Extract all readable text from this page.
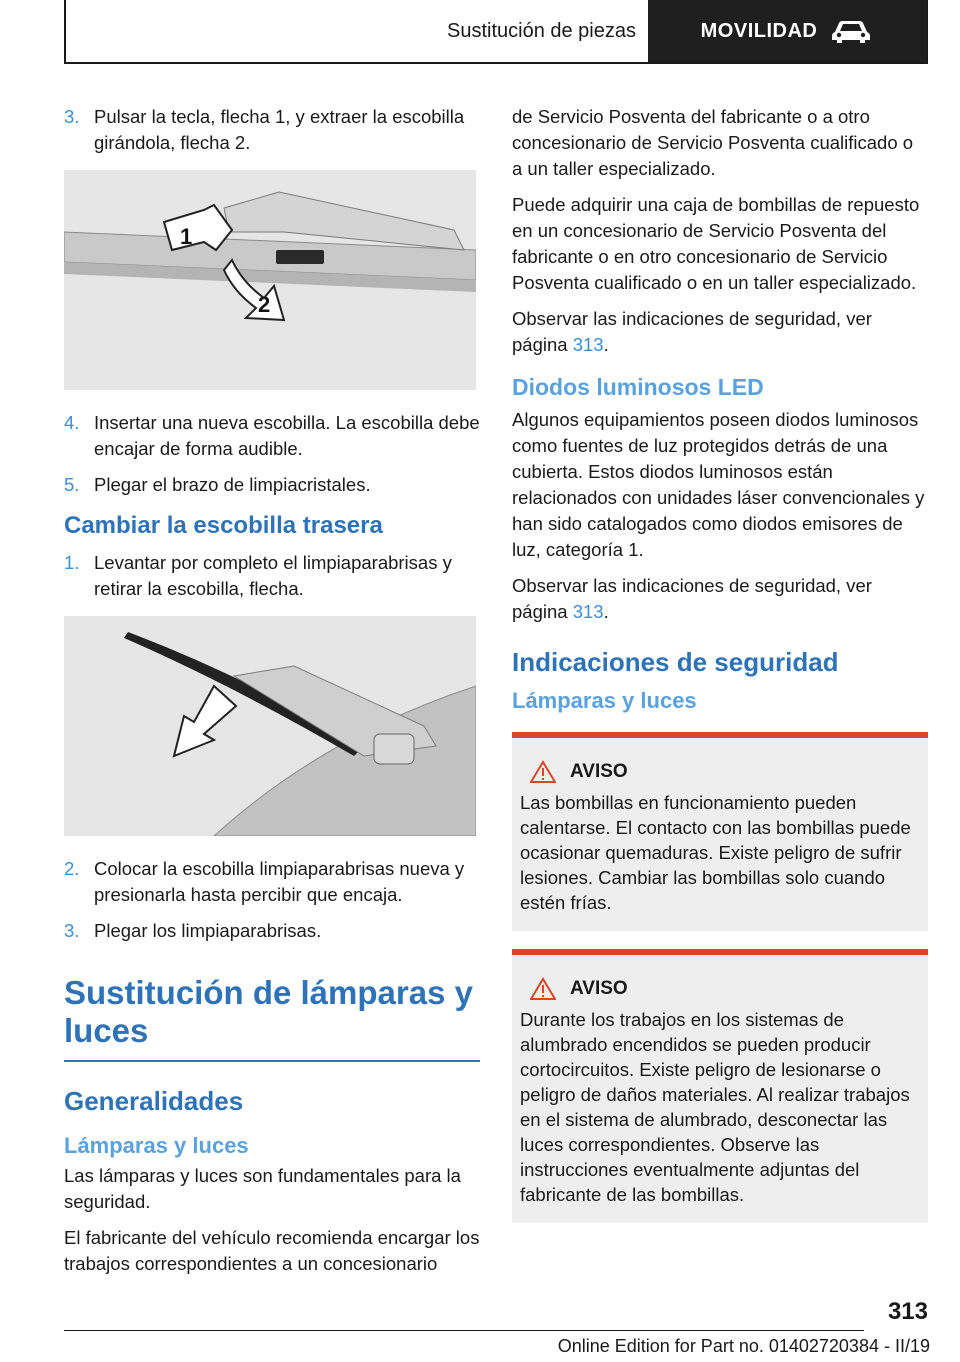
Sustitución de piezas	MOVILIDAD
3. Pulsar la tecla, flecha 1, y extraer la escobilla girándola, flecha 2.
1
2
4. Insertar una nueva escobilla. La escobilla debe encajar de forma audible.
5. Plegar el brazo de limpiacristales.
Cambiar la escobilla trasera
1. Levantar por completo el limpiaparabrisas y retirar la escobilla, flecha.
2. Colocar la escobilla limpiaparabrisas nueva y presionarla hasta percibir que encaja.
3. Plegar los limpiaparabrisas.
Sustitución de lámparas y luces
Generalidades
Lámparas y luces

Las lámparas y luces son fundamentales para la seguridad.

El fabricante del vehículo recomienda encargar los trabajos correspondientes a un concesionario

de Servicio Posventa del fabricante o a otro concesionario de Servicio Posventa cualificado o a un taller especializado.

Puede adquirir una caja de bombillas de repuesto en un concesionario de Servicio Posventa del fabricante o en otro concesionario de Servicio Posventa cualificado o en un taller especializado.

Observar las indicaciones de seguridad, ver página 313.

Diodos luminosos LED

Algunos equipamientos poseen diodos luminosos como fuentes de luz protegidos detrás de una cubierta. Estos diodos luminosos están relacionados con unidades láser convencionales y han sido catalogados como diodos emisores de luz, categoría 1.

Observar las indicaciones de seguridad, ver página 313.

Indicaciones de seguridad
Lámparas y luces
AVISO
Las bombillas en funcionamiento pueden calentarse. El contacto con las bombillas puede ocasionar quemaduras. Existe peligro de sufrir lesiones. Cambiar las bombillas solo cuando estén frías.
AVISO
Durante los trabajos en los sistemas de alumbrado encendidos se pueden producir cortocircuitos. Existe peligro de lesionarse o peligro de daños materiales. Al realizar trabajos en el sistema de alumbrado, desconectar las luces correspondientes. Observe las instrucciones eventualmente adjuntas del fabricante de las bombillas.
313
Online Edition for Part no. 01402720384 - II/19
